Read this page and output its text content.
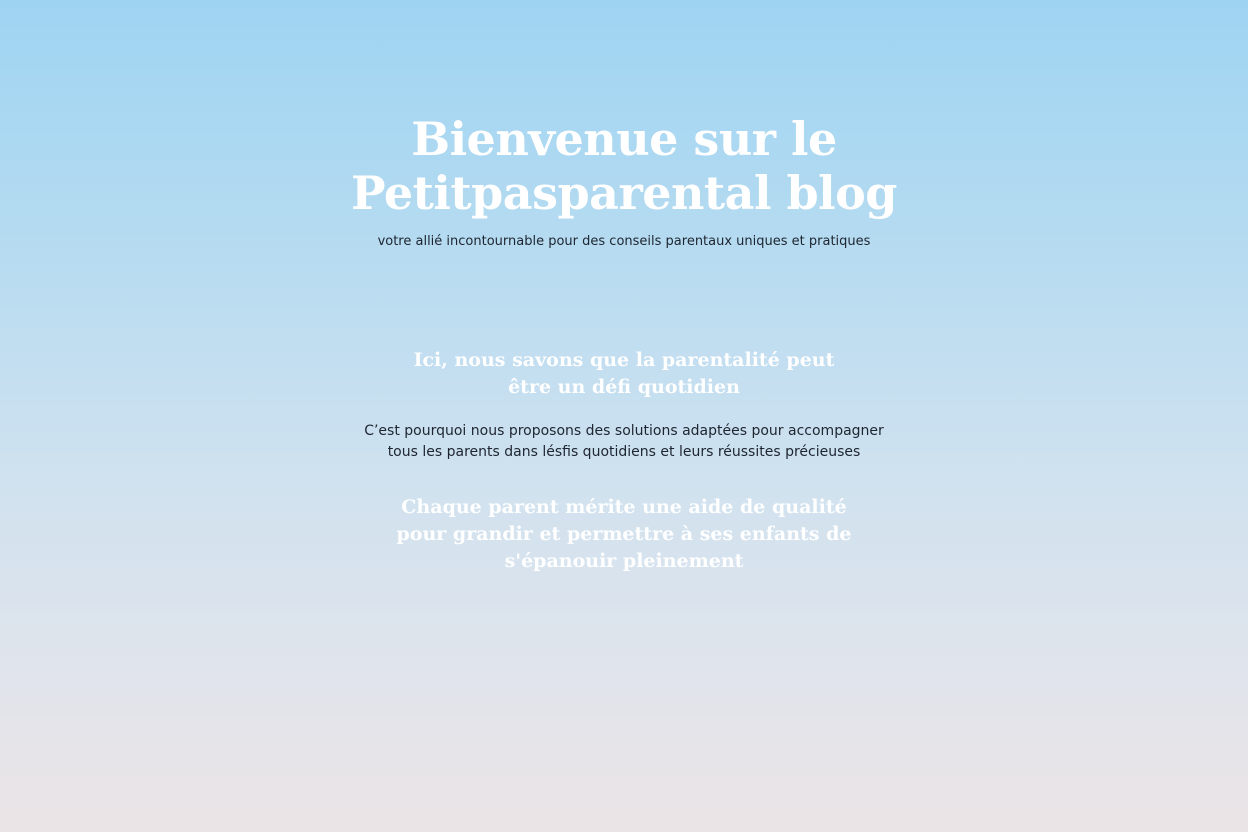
Bienvenue sur le
Petitpasparental blog

votre allié incontournable pour des conseils parentaux uniques et pratiques

Ici, nous savons que la parentalité peut
être un défi quotidien

C’est pourquoi nous proposons des solutions adaptées pour accompagner
tous les parents dans lésfis quotidiens et leurs réussites précieuses

Chaque parent mérite une aide de qualité
pour grandir et permettre à ses enfants de
s'épanouir pleinement
